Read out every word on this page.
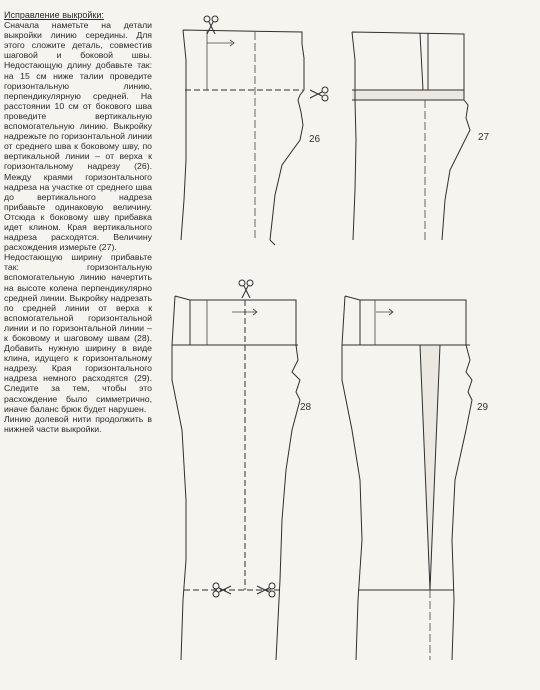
Исправление выкройки:

Сначала наметьте на детали выкройки линию середины. Для этого сложите деталь, совместив шаговой и боковой швы. Недостающую длину добавьте так: на 15 см ниже талии проведите горизонтальную линию, перпендикулярную средней. На расстоянии 10 см от бокового шва проведите вертикальную вспомогательную линию. Выкройку надрежьте по горизонтальной линии от среднего шва к боковому шву, по вертикальной линии – от верха к горизонтальному надрезу (26). Между краями горизонтального надреза на участке от среднего шва до вертикального надреза прибавьте одинаковую величину. Отсюда к боковому шву прибавка идет клином. Края вертикального надреза расходятся. Величину расхождения измерьте (27).

Недостающую ширину прибавьте так: горизонтальную вспомогательную линию начертить на высоте колена перпендикулярно средней линии. Выкройку надрезать по средней линии от верха к вспомогательной горизонтальной линии и по горизонтальной линии – к боковому и шаговому швам (28). Добавить нужную ширину в виде клина, идущего к горизонтальному надрезу. Края горизонтального надреза немного расходятся (29). Следите за тем, чтобы это расхождение было симметрично, иначе баланс брюк будет нарушен.

Линию долевой нити продолжить в нижней части выкройки.

26	27
28	29
